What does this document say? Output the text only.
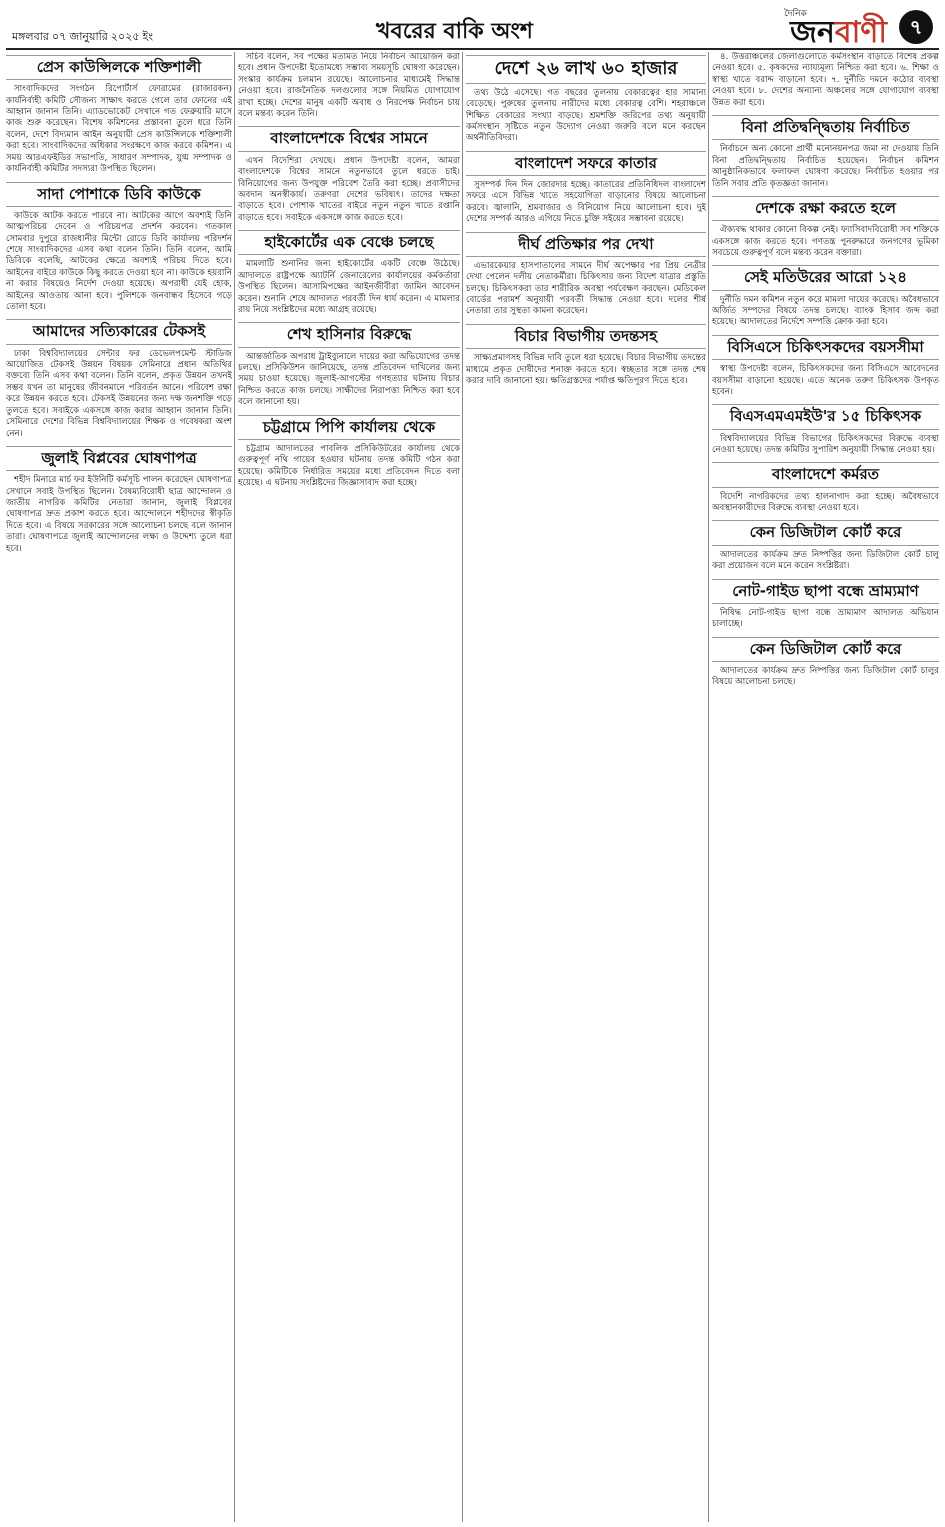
মঙ্গলবার ০৭ জানুয়ারি ২০২৫ ইং	খবরের বাকি অংশ
দৈনিক
জনবাণী	৭
প্রেস কাউন্সিলকে শক্তিশালী

সাংবাদিকদের সংগঠন রিপোর্টার্স ফোরামের (রাজারকন) কার্যনির্বাহী কমিটি সৌজন্য সাক্ষাৎ করতে গেলে তার ফোনের এই আহ্বান জানান তিনি। এ্যাডভোকেট সেখানে গত ফেব্রুয়ারি মাসে কাজ শুরু করেছেন। বিশেষ কমিশনের প্রস্তাবনা তুলে ধরে তিনি বলেন, দেশে বিদ্যমান আইন অনুযায়ী প্রেস কাউন্সিলকে শক্তিশালী করা হবে। সাংবাদিকদের অধিকার সংরক্ষণে কাজ করবে কমিশন। এ সময় আরএফইডির সভাপতি, সাধারণ সম্পাদক, যুগ্ম সম্পাদক ও কার্যনির্বাহী কমিটির সদস্যরা উপস্থিত ছিলেন।

সাদা পোশাকে ডিবি কাউকে

কাউকে আটক করতে পারবে না। আটকের আগে অবশ্যই তিনি আত্মপরিচয় দেবেন ও পরিচয়পত্র প্রদর্শন করবেন। গতকাল সোমবার দুপুরে রাজধানীর মিন্টো রোডে ডিবি কার্যালয় পরিদর্শন শেষে সাংবাদিকদের এসব কথা বলেন তিনি। তিনি বলেন, আমি ডিবিকে বলেছি, আটকের ক্ষেত্রে অবশ্যই পরিচয় দিতে হবে। আইনের বাইরে কাউকে কিছু করতে দেওয়া হবে না। কাউকে হয়রানি না করার বিষয়েও নির্দেশ দেওয়া হয়েছে। অপরাধী যেই হোক, আইনের আওতায় আনা হবে। পুলিশকে জনবান্ধব হিসেবে গড়ে তোলা হবে।

আমাদের সত্যিকারের টেকসই

ঢাকা বিশ্ববিদ্যালয়ের সেন্টার ফর ডেভেলপমেন্ট স্টাডিজ আয়োজিত টেকসই উন্নয়ন বিষয়ক সেমিনারে প্রধান অতিথির বক্তব্যে তিনি এসব কথা বলেন। তিনি বলেন, প্রকৃত উন্নয়ন তখনই সম্ভব যখন তা মানুষের জীবনমানে পরিবর্তন আনে। পরিবেশ রক্ষা করে উন্নয়ন করতে হবে। টেকসই উন্নয়নের জন্য দক্ষ জনশক্তি গড়ে তুলতে হবে। সবাইকে একসঙ্গে কাজ করার আহ্বান জানান তিনি। সেমিনারে দেশের বিভিন্ন বিশ্ববিদ্যালয়ের শিক্ষক ও গবেষকরা অংশ নেন।

জুলাই বিপ্লবের ঘোষণাপত্র

শহীদ মিনারে মার্চ ফর ইউনিটি কর্মসূচি পালন করেছেন ঘোষণাপত্র সেখানে সবাই উপস্থিত ছিলেন। বৈষম্যবিরোধী ছাত্র আন্দোলন ও জাতীয় নাগরিক কমিটির নেতারা জানান, জুলাই বিপ্লবের ঘোষণাপত্র দ্রুত প্রকাশ করতে হবে। আন্দোলনে শহীদদের স্বীকৃতি দিতে হবে। এ বিষয়ে সরকারের সঙ্গে আলোচনা চলছে বলে জানান তারা। ঘোষণাপত্রে জুলাই আন্দোলনের লক্ষ্য ও উদ্দেশ্য তুলে ধরা হবে।

সচিব বলেন, সব পক্ষের মতামত নিয়ে নির্বাচন আয়োজন করা হবে। প্রধান উপদেষ্টা ইতোমধ্যে সম্ভাব্য সময়সূচি ঘোষণা করেছেন। সংস্কার কার্যক্রম চলমান রয়েছে। আলোচনার মাধ্যমেই সিদ্ধান্ত নেওয়া হবে। রাজনৈতিক দলগুলোর সঙ্গে নিয়মিত যোগাযোগ রাখা হচ্ছে। দেশের মানুষ একটি অবাধ ও নিরপেক্ষ নির্বাচন চায় বলে মন্তব্য করেন তিনি।

বাংলাদেশকে বিশ্বের সামনে

এখন বিদেশিরা দেখছে। প্রধান উপদেষ্টা বলেন, আমরা বাংলাদেশকে বিশ্বের সামনে নতুনভাবে তুলে ধরতে চাই। বিনিয়োগের জন্য উপযুক্ত পরিবেশ তৈরি করা হচ্ছে। প্রবাসীদের অবদান অনস্বীকার্য। তরুণরা দেশের ভবিষ্যৎ। তাদের দক্ষতা বাড়াতে হবে। পোশাক খাতের বাইরে নতুন নতুন খাতে রপ্তানি বাড়াতে হবে। সবাইকে একসঙ্গে কাজ করতে হবে।

হাইকোর্টের এক বেঞ্চে চলছে

মামলাটি শুনানির জন্য হাইকোর্টের একটি বেঞ্চে উঠেছে। আদালতে রাষ্ট্রপক্ষে অ্যাটর্নি জেনারেলের কার্যালয়ের কর্মকর্তারা উপস্থিত ছিলেন। আসামিপক্ষের আইনজীবীরা জামিন আবেদন করেন। শুনানি শেষে আদালত পরবর্তী দিন ধার্য করেন। এ মামলার রায় নিয়ে সংশ্লিষ্টদের মধ্যে আগ্রহ রয়েছে।

শেখ হাসিনার বিরুদ্ধে

আন্তর্জাতিক অপরাধ ট্রাইব্যুনালে দায়ের করা অভিযোগের তদন্ত চলছে। প্রসিকিউশন জানিয়েছে, তদন্ত প্রতিবেদন দাখিলের জন্য সময় চাওয়া হয়েছে। জুলাই-আগস্টের গণহত্যার ঘটনায় বিচার নিশ্চিত করতে কাজ চলছে। সাক্ষীদের নিরাপত্তা নিশ্চিত করা হবে বলে জানানো হয়।

চট্টগ্রামে পিপি কার্যালয় থেকে

চট্টগ্রাম আদালতের পাবলিক প্রসিকিউটরের কার্যালয় থেকে গুরুত্বপূর্ণ নথি গায়েব হওয়ার ঘটনায় তদন্ত কমিটি গঠন করা হয়েছে। কমিটিকে নির্ধারিত সময়ের মধ্যে প্রতিবেদন দিতে বলা হয়েছে। এ ঘটনায় সংশ্লিষ্টদের জিজ্ঞাসাবাদ করা হচ্ছে।

দেশে ২৬ লাখ ৬০ হাজার

তথ্য উঠে এসেছে। গত বছরের তুলনায় বেকারত্বের হার সামান্য বেড়েছে। পুরুষের তুলনায় নারীদের মধ্যে বেকারত্ব বেশি। শহরাঞ্চলে শিক্ষিত বেকারের সংখ্যা বাড়ছে। শ্রমশক্তি জরিপের তথ্য অনুযায়ী কর্মসংস্থান সৃষ্টিতে নতুন উদ্যোগ নেওয়া জরুরি বলে মনে করছেন অর্থনীতিবিদরা।

বাংলাদেশ সফরে কাতার

সুসম্পর্ক দিন দিন জোরদার হচ্ছে। কাতারের প্রতিনিধিদল বাংলাদেশ সফরে এসে বিভিন্ন খাতে সহযোগিতা বাড়ানোর বিষয়ে আলোচনা করবে। জ্বালানি, শ্রমবাজার ও বিনিয়োগ নিয়ে আলোচনা হবে। দুই দেশের সম্পর্ক আরও এগিয়ে নিতে চুক্তি সইয়ের সম্ভাবনা রয়েছে।

দীর্ঘ প্রতিক্ষার পর দেখা

এভারকেয়ার হাসপাতালের সামনে দীর্ঘ অপেক্ষার পর প্রিয় নেত্রীর দেখা পেলেন দলীয় নেতাকর্মীরা। চিকিৎসার জন্য বিদেশ যাত্রার প্রস্তুতি চলছে। চিকিৎসকরা তার শারীরিক অবস্থা পর্যবেক্ষণ করছেন। মেডিকেল বোর্ডের পরামর্শ অনুযায়ী পরবর্তী সিদ্ধান্ত নেওয়া হবে। দলের শীর্ষ নেতারা তার সুস্থতা কামনা করেছেন।

বিচার বিভাগীয় তদন্তসহ

সাক্ষ্যপ্রমাণসহ বিভিন্ন দাবি তুলে ধরা হয়েছে। বিচার বিভাগীয় তদন্তের মাধ্যমে প্রকৃত দোষীদের শনাক্ত করতে হবে। স্বচ্ছতার সঙ্গে তদন্ত শেষ করার দাবি জানানো হয়। ক্ষতিগ্রস্তদের পর্যাপ্ত ক্ষতিপূরণ দিতে হবে।

৪. উত্তরাঞ্চলের জেলাগুলোতে কর্মসংস্থান বাড়াতে বিশেষ প্রকল্প নেওয়া হবে। ৫. কৃষকদের ন্যায্যমূল্য নিশ্চিত করা হবে। ৬. শিক্ষা ও স্বাস্থ্য খাতে বরাদ্দ বাড়ানো হবে। ৭. দুর্নীতি দমনে কঠোর ব্যবস্থা নেওয়া হবে। ৮. দেশের অন্যান্য অঞ্চলের সঙ্গে যোগাযোগ ব্যবস্থা উন্নত করা হবে।

বিনা প্রতিদ্বন্দ্বিতায় নির্বাচিত

নির্বাচনে অন্য কোনো প্রার্থী মনোনয়নপত্র জমা না দেওয়ায় তিনি বিনা প্রতিদ্বন্দ্বিতায় নির্বাচিত হয়েছেন। নির্বাচন কমিশন আনুষ্ঠানিকভাবে ফলাফল ঘোষণা করেছে। নির্বাচিত হওয়ার পর তিনি সবার প্রতি কৃতজ্ঞতা জানান।

দেশকে রক্ষা করতে হলে

ঐক্যবদ্ধ থাকার কোনো বিকল্প নেই। ফ্যাসিবাদবিরোধী সব শক্তিকে একসঙ্গে কাজ করতে হবে। গণতন্ত্র পুনরুদ্ধারে জনগণের ভূমিকা সবচেয়ে গুরুত্বপূর্ণ বলে মন্তব্য করেন বক্তারা।

সেই মতিউরের আরো ১২৪

দুর্নীতি দমন কমিশন নতুন করে মামলা দায়ের করেছে। অবৈধভাবে অর্জিত সম্পদের বিষয়ে তদন্ত চলছে। ব্যাংক হিসাব জব্দ করা হয়েছে। আদালতের নির্দেশে সম্পত্তি ক্রোক করা হবে।

বিসিএসে চিকিৎসকদের বয়সসীমা

স্বাস্থ্য উপদেষ্টা বলেন, চিকিৎসকদের জন্য বিসিএসে আবেদনের বয়সসীমা বাড়ানো হয়েছে। এতে অনেক তরুণ চিকিৎসক উপকৃত হবেন।

বিএসএমএমইউ'র ১৫ চিকিৎসক

বিশ্ববিদ্যালয়ের বিভিন্ন বিভাগের চিকিৎসকদের বিরুদ্ধে ব্যবস্থা নেওয়া হয়েছে। তদন্ত কমিটির সুপারিশ অনুযায়ী সিদ্ধান্ত নেওয়া হয়।

বাংলাদেশে কর্মরত

বিদেশি নাগরিকদের তথ্য হালনাগাদ করা হচ্ছে। অবৈধভাবে অবস্থানকারীদের বিরুদ্ধে ব্যবস্থা নেওয়া হবে।

কেন ডিজিটাল কোর্ট করে

আদালতের কার্যক্রম দ্রুত নিষ্পত্তির জন্য ডিজিটাল কোর্ট চালু করা প্রয়োজন বলে মনে করেন সংশ্লিষ্টরা।

নোট-গাইড ছাপা বন্ধে ভ্রাম্যমাণ

নিষিদ্ধ নোট-গাইড ছাপা বন্ধে ভ্রাম্যমাণ আদালত অভিযান চালাচ্ছে।

কেন ডিজিটাল কোর্ট করে

আদালতের কার্যক্রম দ্রুত নিষ্পত্তির জন্য ডিজিটাল কোর্ট চালুর বিষয়ে আলোচনা চলছে।
